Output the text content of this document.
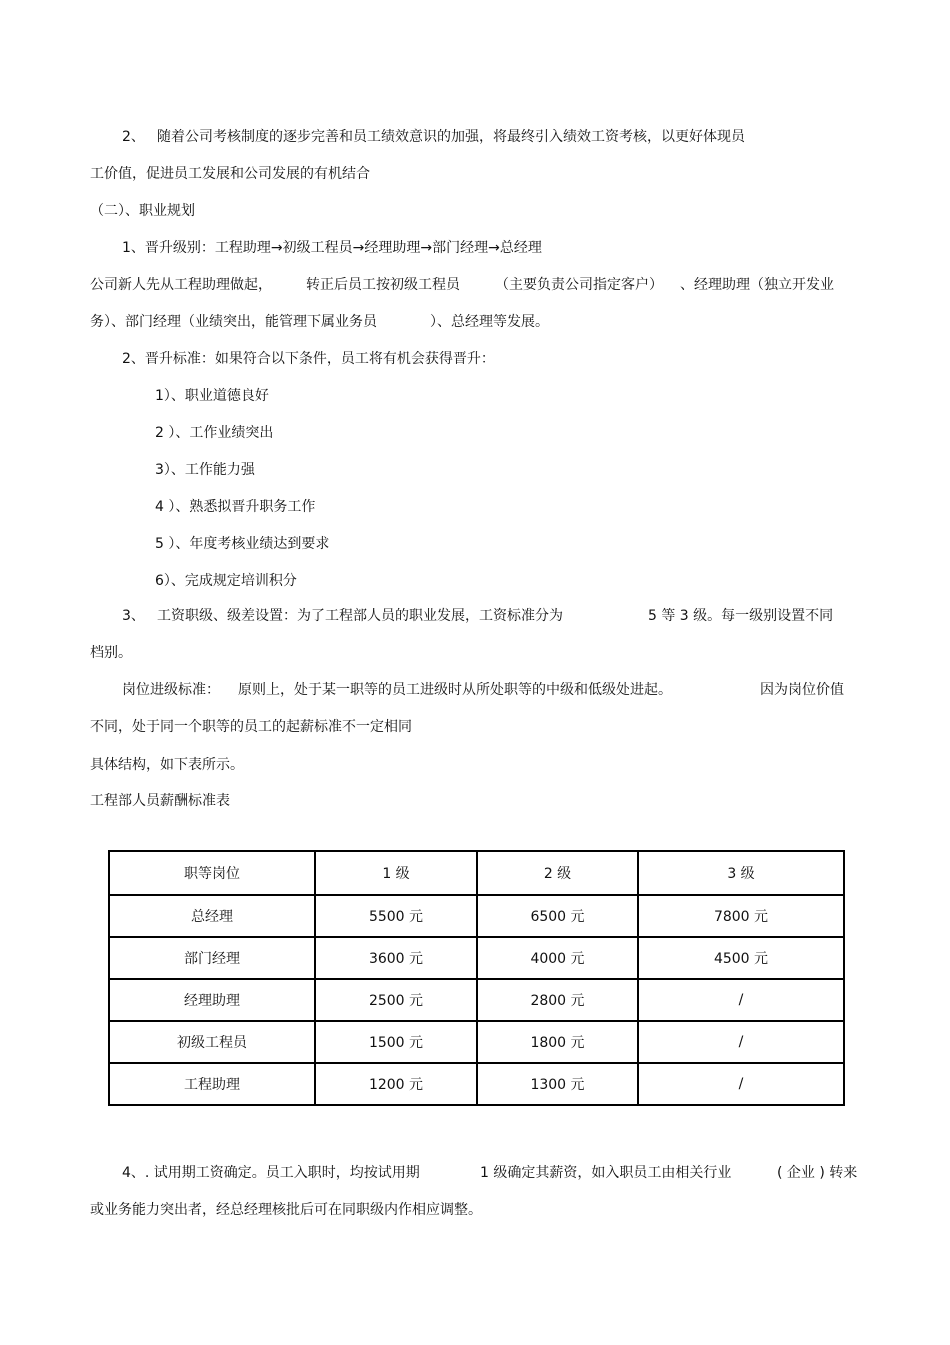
2、 随着公司考核制度的逐步完善和员工绩效意识的加强，将最终引入绩效工资考核，以更好体现员
工价值，促进员工发展和公司发展的有机结合
（二）、职业规划
1、晋升级别：工程助理→初级工程员→经理助理→部门经理→总经理
公司新人先从工程助理做起， 转正后员工按初级工程员	（主要负责公司指定客户） 、经理助理（独立开发业
务）、部门经理（业绩突出，能管理下属业务员	）、总经理等发展。
2、晋升标准：如果符合以下条件，员工将有机会获得晋升：
1）、职业道德良好
2 ）、工作业绩突出
3）、工作能力强
4 ）、熟悉拟晋升职务工作
5 ）、年度考核业绩达到要求
6）、完成规定培训积分
3、 工资职级、级差设置：为了工程部人员的职业发展，工资标准分为	5 等 3 级。每一级别设置不同
档别。
岗位进级标准： 原则上，处于某一职等的员工进级时从所处职等的中级和低级处进起。	因为岗位价值
不同，处于同一个职等的员工的起薪标准不一定相同
具体结构，如下表所示。
工程部人员薪酬标准表
职等岗位	1 级	2 级	3 级
总经理	5500 元	6500 元	7800 元
部门经理	3600 元	4000 元	4500 元
经理助理	2500 元	2800 元	/
初级工程员	1500 元	1800 元	/
工程助理	1200 元	1300 元	/
4、. 试用期工资确定。员工入职时，均按试用期	1 级确定其薪资，如入职员工由相关行业	( 企业 ) 转来
或业务能力突出者，经总经理核批后可在同职级内作相应调整。
